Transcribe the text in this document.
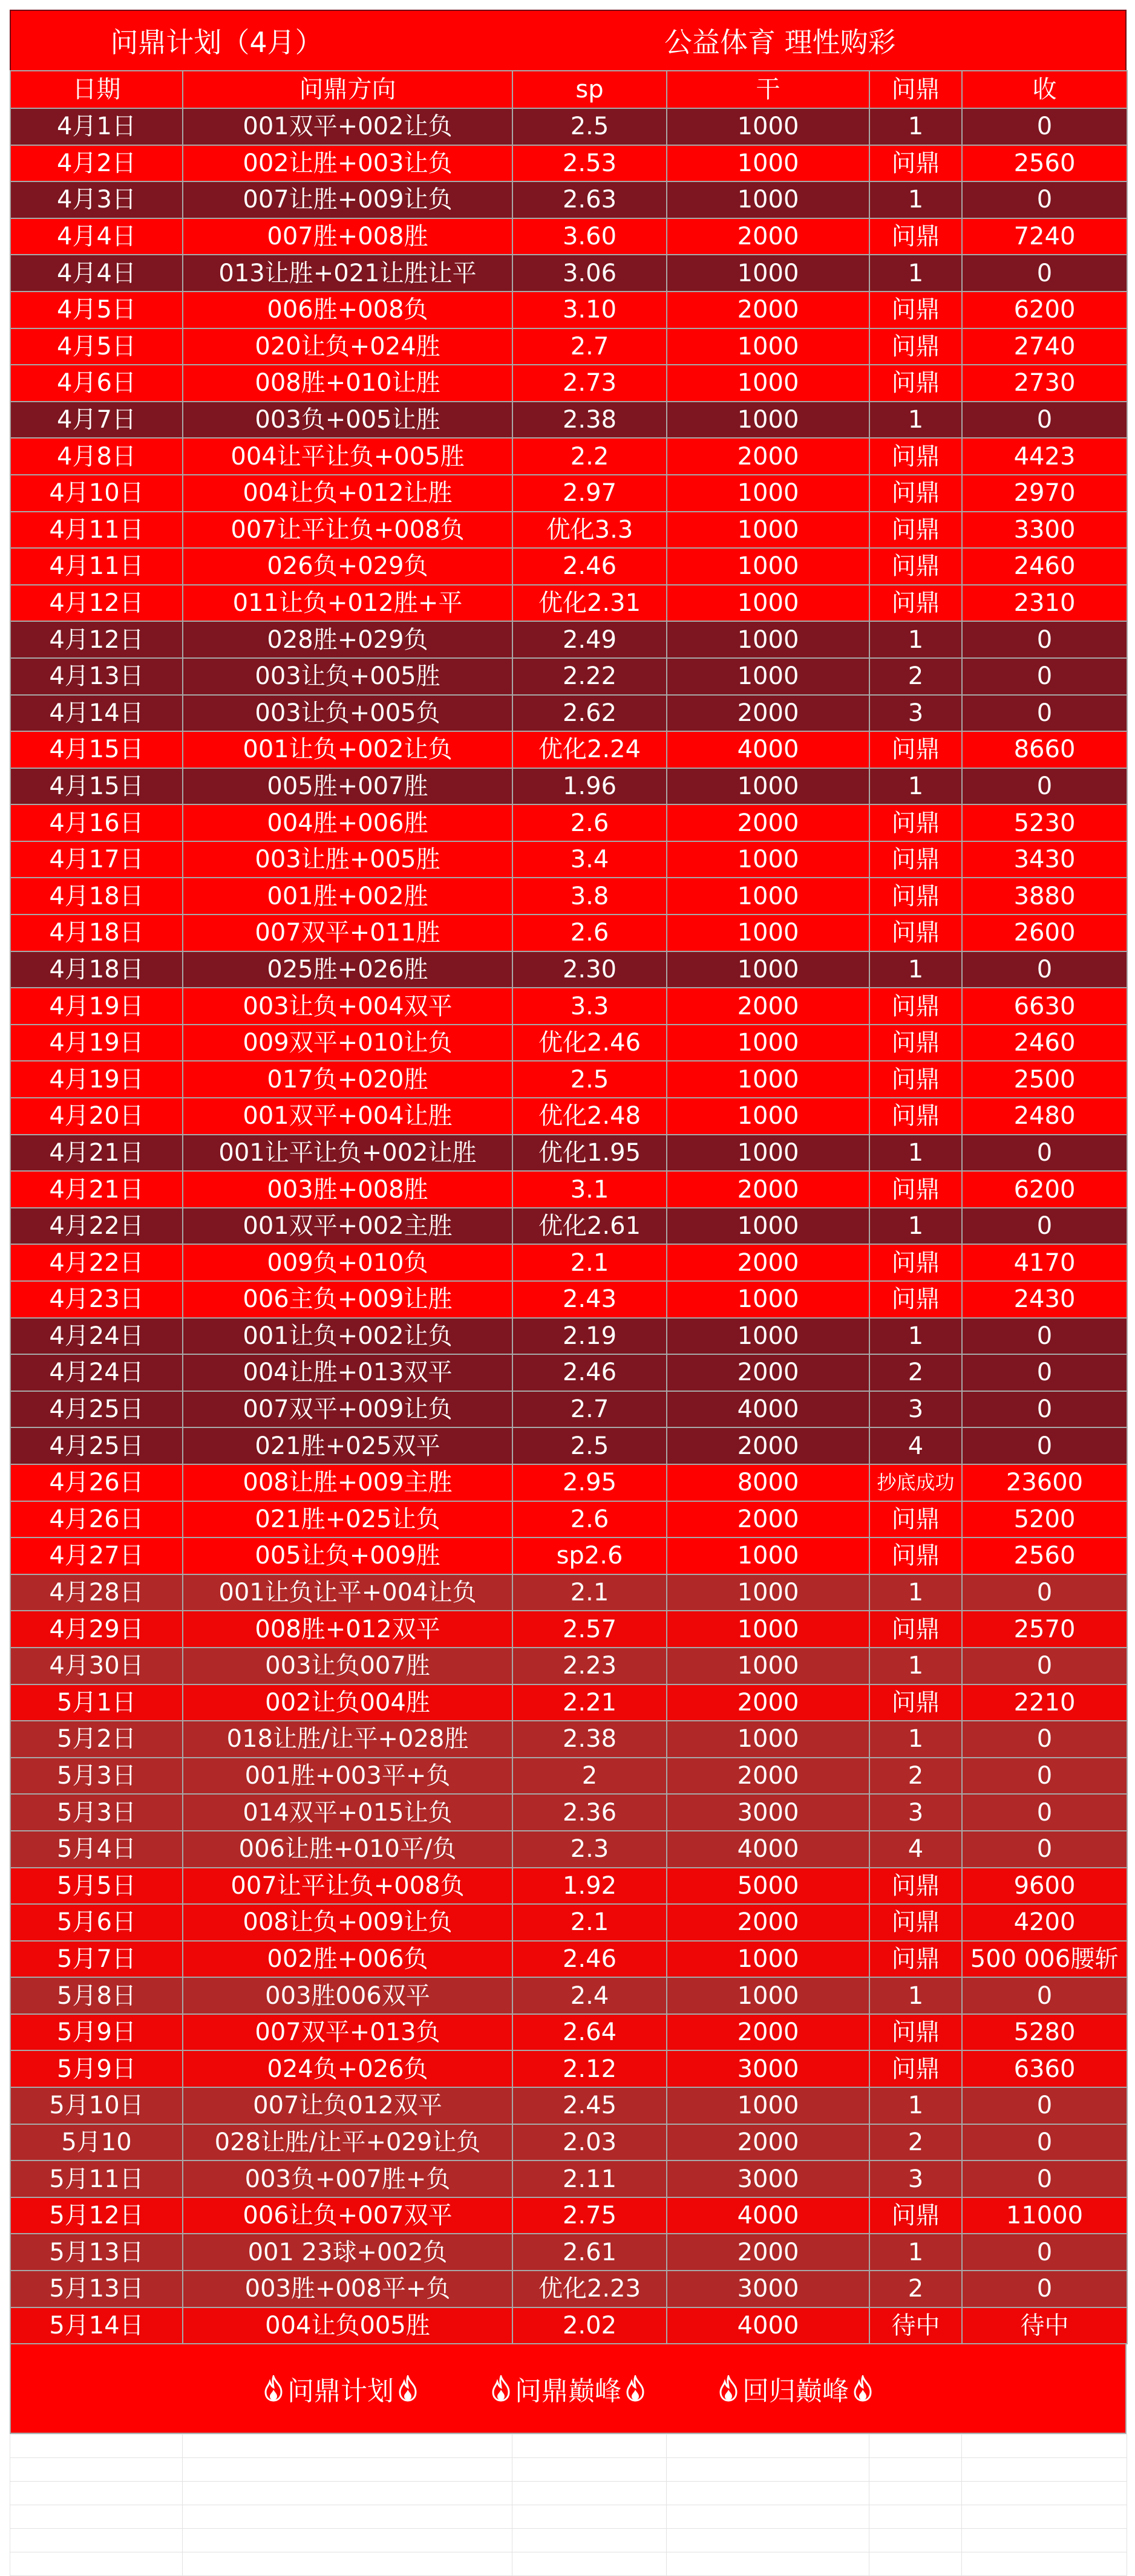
问鼎计划（4月）	公益体育 理性购彩
日期	问鼎方向	sp	干	问鼎	收
4月1日	001双平+002让负	2.5	1000	1	0
4月2日	002让胜+003让负	2.53	1000	问鼎	2560
4月3日	007让胜+009让负	2.63	1000	1	0
4月4日	007胜+008胜	3.60	2000	问鼎	7240
4月4日	013让胜+021让胜让平	3.06	1000	1	0
4月5日	006胜+008负	3.10	2000	问鼎	6200
4月5日	020让负+024胜	2.7	1000	问鼎	2740
4月6日	008胜+010让胜	2.73	1000	问鼎	2730
4月7日	003负+005让胜	2.38	1000	1	0
4月8日	004让平让负+005胜	2.2	2000	问鼎	4423
4月10日	004让负+012让胜	2.97	1000	问鼎	2970
4月11日	007让平让负+008负	优化3.3	1000	问鼎	3300
4月11日	026负+029负	2.46	1000	问鼎	2460
4月12日	011让负+012胜+平	优化2.31	1000	问鼎	2310
4月12日	028胜+029负	2.49	1000	1	0
4月13日	003让负+005胜	2.22	1000	2	0
4月14日	003让负+005负	2.62	2000	3	0
4月15日	001让负+002让负	优化2.24	4000	问鼎	8660
4月15日	005胜+007胜	1.96	1000	1	0
4月16日	004胜+006胜	2.6	2000	问鼎	5230
4月17日	003让胜+005胜	3.4	1000	问鼎	3430
4月18日	001胜+002胜	3.8	1000	问鼎	3880
4月18日	007双平+011胜	2.6	1000	问鼎	2600
4月18日	025胜+026胜	2.30	1000	1	0
4月19日	003让负+004双平	3.3	2000	问鼎	6630
4月19日	009双平+010让负	优化2.46	1000	问鼎	2460
4月19日	017负+020胜	2.5	1000	问鼎	2500
4月20日	001双平+004让胜	优化2.48	1000	问鼎	2480
4月21日	001让平让负+002让胜	优化1.95	1000	1	0
4月21日	003胜+008胜	3.1	2000	问鼎	6200
4月22日	001双平+002主胜	优化2.61	1000	1	0
4月22日	009负+010负	2.1	2000	问鼎	4170
4月23日	006主负+009让胜	2.43	1000	问鼎	2430
4月24日	001让负+002让负	2.19	1000	1	0
4月24日	004让胜+013双平	2.46	2000	2	0
4月25日	007双平+009让负	2.7	4000	3	0
4月25日	021胜+025双平	2.5	2000	4	0
4月26日	008让胜+009主胜	2.95	8000	抄底成功	23600
4月26日	021胜+025让负	2.6	2000	问鼎	5200
4月27日	005让负+009胜	sp2.6	1000	问鼎	2560
4月28日	001让负让平+004让负	2.1	1000	1	0
4月29日	008胜+012双平	2.57	1000	问鼎	2570
4月30日	003让负007胜	2.23	1000	1	0
5月1日	002让负004胜	2.21	2000	问鼎	2210
5月2日	018让胜/让平+028胜	2.38	1000	1	0
5月3日	001胜+003平+负	2	2000	2	0
5月3日	014双平+015让负	2.36	3000	3	0
5月4日	006让胜+010平/负	2.3	4000	4	0
5月5日	007让平让负+008负	1.92	5000	问鼎	9600
5月6日	008让负+009让负	2.1	2000	问鼎	4200
5月7日	002胜+006负	2.46	1000	问鼎	500 006腰斩
5月8日	003胜006双平	2.4	1000	1	0
5月9日	007双平+013负	2.64	2000	问鼎	5280
5月9日	024负+026负	2.12	3000	问鼎	6360
5月10日	007让负012双平	2.45	1000	1	0
5月10	028让胜/让平+029让负	2.03	2000	2	0
5月11日	003负+007胜+负	2.11	3000	3	0
5月12日	006让负+007双平	2.75	4000	问鼎	11000
5月13日	001 23球+002负	2.61	2000	1	0
5月13日	003胜+008平+负	优化2.23	3000	2	0
5月14日	004让负005胜	2.02	4000	待中	待中
问鼎计划	问鼎巅峰	回归巅峰
